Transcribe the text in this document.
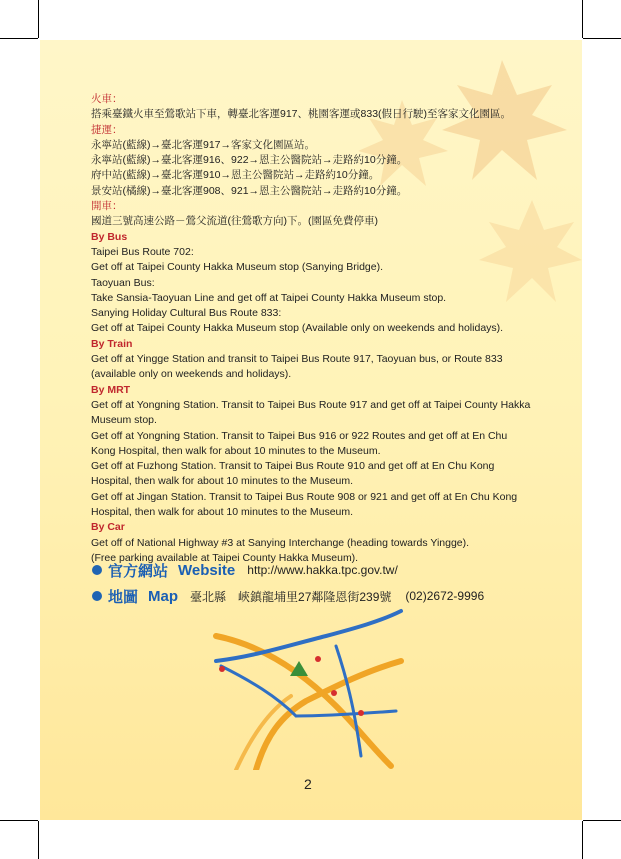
火車：
搭乘臺鐵火車至鶯歌站下車，轉臺北客運917、桃園客運或833(假日行駛)至客家文化園區。
捷運：
永寧站(藍線)→臺北客運917→客家文化園區站。
永寧站(藍線)→臺北客運916、922→恩主公醫院站→走路約10分鐘。
府中站(藍線)→臺北客運910→恩主公醫院站→走路約10分鐘。
景安站(橘線)→臺北客運908、921→恩主公醫院站→走路約10分鐘。
開車：
國道三號高速公路－鶯父流道(往鶯歌方向)下。(園區免費停車)
By Bus
Taipei Bus Route 702:
Get off at Taipei County Hakka Museum stop (Sanying Bridge).
Taoyuan Bus:
Take Sansia-Taoyuan Line and get off at Taipei County Hakka Museum stop.
Sanying Holiday Cultural Bus Route 833:
Get off at Taipei County Hakka Museum stop (Available only on weekends and holidays).
By Train
Get off at Yingge Station and transit to Taipei Bus Route 917, Taoyuan bus, or Route 833 (available only on weekends and holidays).
By MRT
Get off at Yongning Station. Transit to Taipei Bus Route 917 and get off at Taipei County Hakka Museum stop.
Get off at Yongning Station. Transit to Taipei Bus 916 or 922 Routes and get off at En Chu Kong Hospital, then walk for about 10 minutes to the Museum.
Get off at Fuzhong Station. Transit to Taipei Bus Route 910 and get off at En Chu Kong Hospital, then walk for about 10 minutes to the Museum.
Get off at Jingan Station. Transit to Taipei Bus Route 908 or 921 and get off at En Chu Kong Hospital, then walk for about 10 minutes to the Museum.
By Car
Get off of National Highway #3 at Sanying Interchange (heading towards Yingge).
(Free parking available at Taipei County Hakka Museum).
官方網站 Website http://www.hakka.tpc.gov.tw/
地圖 Map 臺北縣　峽鎮龍埔里27鄰隆恩街239號 (02)2672-9996
2
